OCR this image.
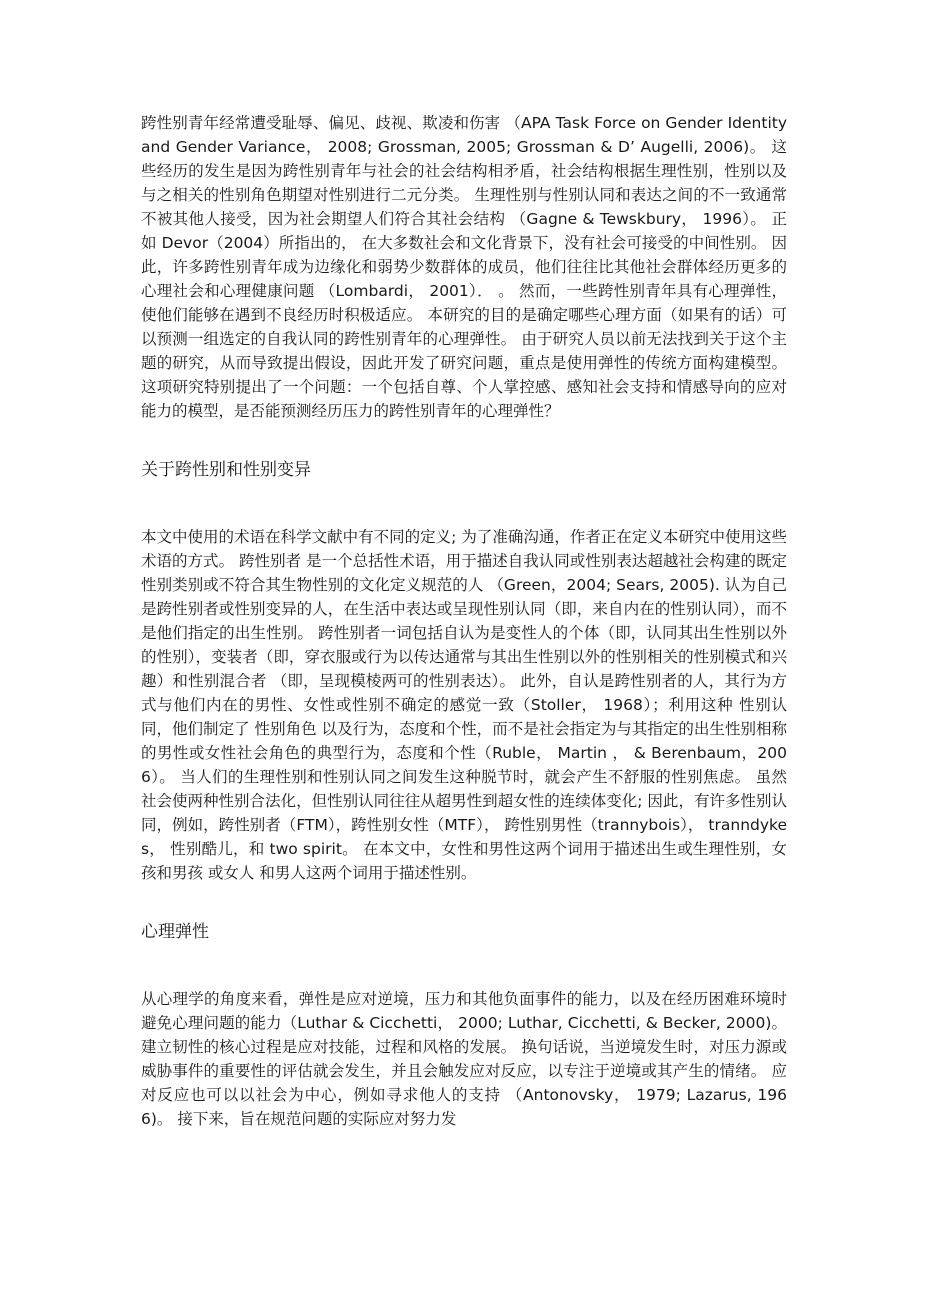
跨性别青年经常遭受耻辱、偏见、歧视、欺凌和伤害 （APA Task Force on Gender Identity and Gender Variance， 2008; Grossman, 2005; Grossman & D’ Augelli, 2006)。 这些经历的发生是因为跨性别青年与社会的社会结构相矛盾，社会结构根据生理性别，性别以及与之相关的性别角色期望对性别进行二元分类。 生理性别与性别认同和表达之间的不一致通常不被其他人接受，因为社会期望人们符合其社会结构 （Gagne & Tewskbury， 1996）。 正如 Devor（2004）所指出的， 在大多数社会和文化背景下，没有社会可接受的中间性别。 因此，许多跨性别青年成为边缘化和弱势少数群体的成员，他们往往比其他社会群体经历更多的心理社会和心理健康问题 （Lombardi， 2001）． 。 然而，一些跨性别青年具有心理弹性，使他们能够在遇到不良经历时积极适应。 本研究的目的是确定哪些心理方面（如果有的话）可以预测一组选定的自我认同的跨性别青年的心理弹性。 由于研究人员以前无法找到关于这个主题的研究，从而导致提出假设，因此开发了研究问题，重点是使用弹性的传统方面构建模型。 这项研究特别提出了一个问题：一个包括自尊、个人掌控感、感知社会支持和情感导向的应对能力的模型，是否能预测经历压力的跨性别青年的心理弹性？

关于跨性别和性别变异

本文中使用的术语在科学文献中有不同的定义; 为了准确沟通，作者正在定义本研究中使用这些术语的方式。 跨性别者 是一个总括性术语，用于描述自我认同或性别表达超越社会构建的既定性别类别或不符合其生物性别的文化定义规范的人 （Green，2004; Sears, 2005). 认为自己是跨性别者或性别变异的人，在生活中表达或呈现性别认同（即，来自内在的性别认同），而不是他们指定的出生性别。 跨性别者一词包括自认为是变性人的个体（即，认同其出生性别以外的性别），变装者（即，穿衣服或行为以传达通常与其出生性别以外的性别相关的性别模式和兴趣）和性别混合者 （即，呈现模棱两可的性别表达）。 此外，自认是跨性别者的人，其行为方式与他们内在的男性、女性或性别不确定的感觉一致（Stoller， 1968）；利用这种 性别认同，他们制定了 性别角色 以及行为，态度和个性，而不是社会指定为与其指定的出生性别相称的男性或女性社会角色的典型行为，态度和个性（Ruble， Martin ， & Berenbaum，2006）。 当人们的生理性别和性别认同之间发生这种脱节时，就会产生不舒服的性别焦虑。 虽然社会使两种性别合法化，但性别认同往往从超男性到超女性的连续体变化; 因此，有许多性别认同，例如，跨性别者（FTM），跨性别女性（MTF）， 跨性别男性（trannybois）， tranndykes， 性别酷儿，和 two spirit。 在本文中，女性和男性这两个词用于描述出生或生理性别，女孩和男孩 或女人 和男人这两个词用于描述性别。

心理弹性

从心理学的角度来看，弹性是应对逆境，压力和其他负面事件的能力，以及在经历困难环境时避免心理问题的能力（Luthar & Cicchetti， 2000; Luthar, Cicchetti, & Becker, 2000)。 建立韧性的核心过程是应对技能，过程和风格的发展。 换句话说，当逆境发生时，对压力源或威胁事件的重要性的评估就会发生，并且会触发应对反应，以专注于逆境或其产生的情绪。 应对反应也可以以社会为中心，例如寻求他人的支持 （Antonovsky， 1979; Lazarus, 1966)。 接下来，旨在规范问题的实际应对努力发
